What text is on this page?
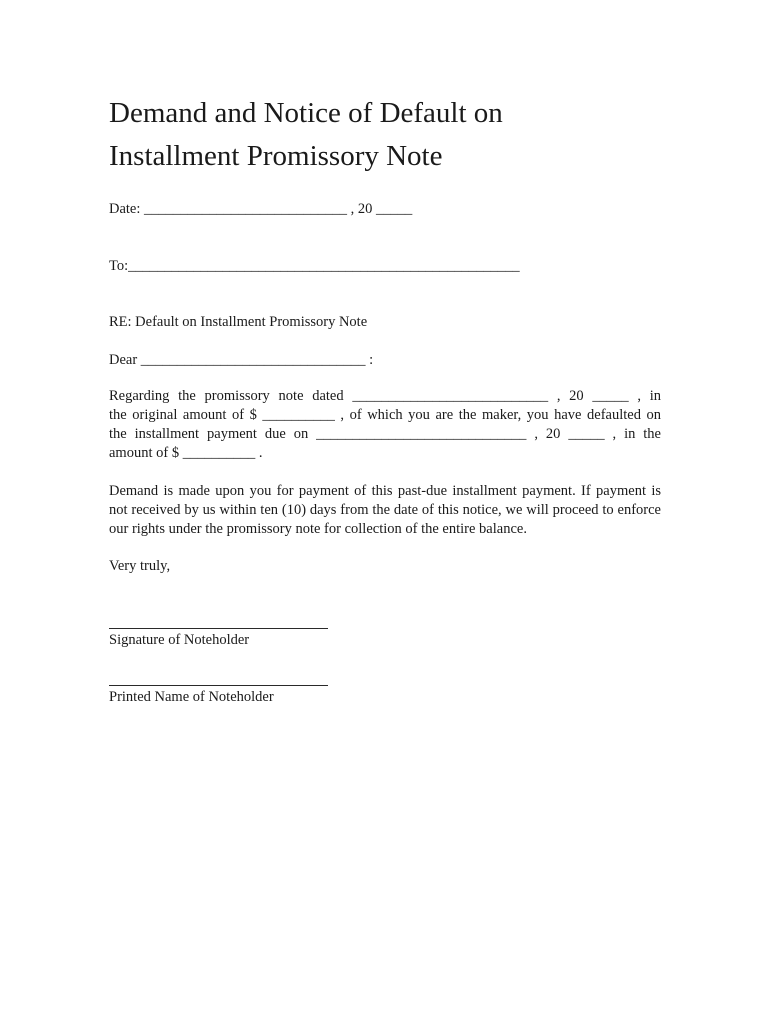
Demand and Notice of Default on
Installment Promissory Note

Date: ____________________________ , 20 _____

To:______________________________________________________

RE: Default on Installment Promissory Note

Dear _______________________________ :

Regarding the promissory note dated ___________________________ , 20 _____ , in
the original amount of $ __________ , of which you are the maker, you have defaulted on
the installment payment due on _____________________________ , 20 _____ , in the
amount of $ __________ .
Demand is made upon you for payment of this past-due installment payment. If payment is
not received by us within ten (10) days from the date of this notice, we will proceed to enforce
our rights under the promissory note for collection of the entire balance.

Very truly,

Signature of Noteholder

Printed Name of Noteholder
